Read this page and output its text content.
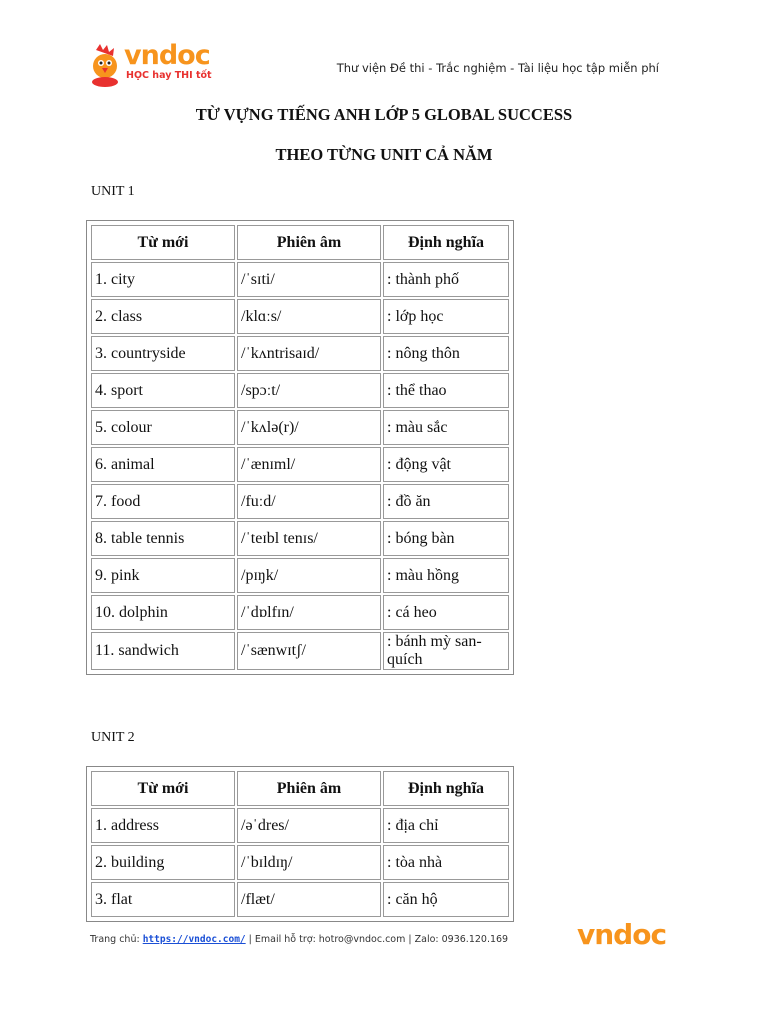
vndoc
HỌC hay THI tốt
Thư viện Đề thi - Trắc nghiệm - Tài liệu học tập miễn phí
TỪ VỰNG TIẾNG ANH LỚP 5 GLOBAL SUCCESS
THEO TỪNG UNIT CẢ NĂM
UNIT 1
Từ mới	Phiên âm	Định nghĩa
1. city	/ˈsɪti/	: thành phố
2. class	/klɑːs/	: lớp học
3. countryside	/ˈkʌntrisaɪd/	: nông thôn
4. sport	/spɔːt/	: thể thao
5. colour	/ˈkʌlə(r)/	: màu sắc
6. animal	/ˈænɪml/	: động vật
7. food	/fuːd/	: đồ ăn
8. table tennis	/ˈteɪbl tenɪs/	: bóng bàn
9. pink	/pɪŋk/	: màu hồng
10. dolphin	/ˈdɒlfɪn/	: cá heo
11. sandwich	/ˈsænwɪtʃ/	: bánh mỳ san-quích
UNIT 2
Từ mới	Phiên âm	Định nghĩa
1. address	/əˈdres/	: địa chỉ
2. building	/ˈbɪldɪŋ/	: tòa nhà
3. flat	/flæt/	: căn hộ
Trang chủ: https://vndoc.com/ | Email hỗ trợ: hotro@vndoc.com | Zalo: 0936.120.169 vndoc
